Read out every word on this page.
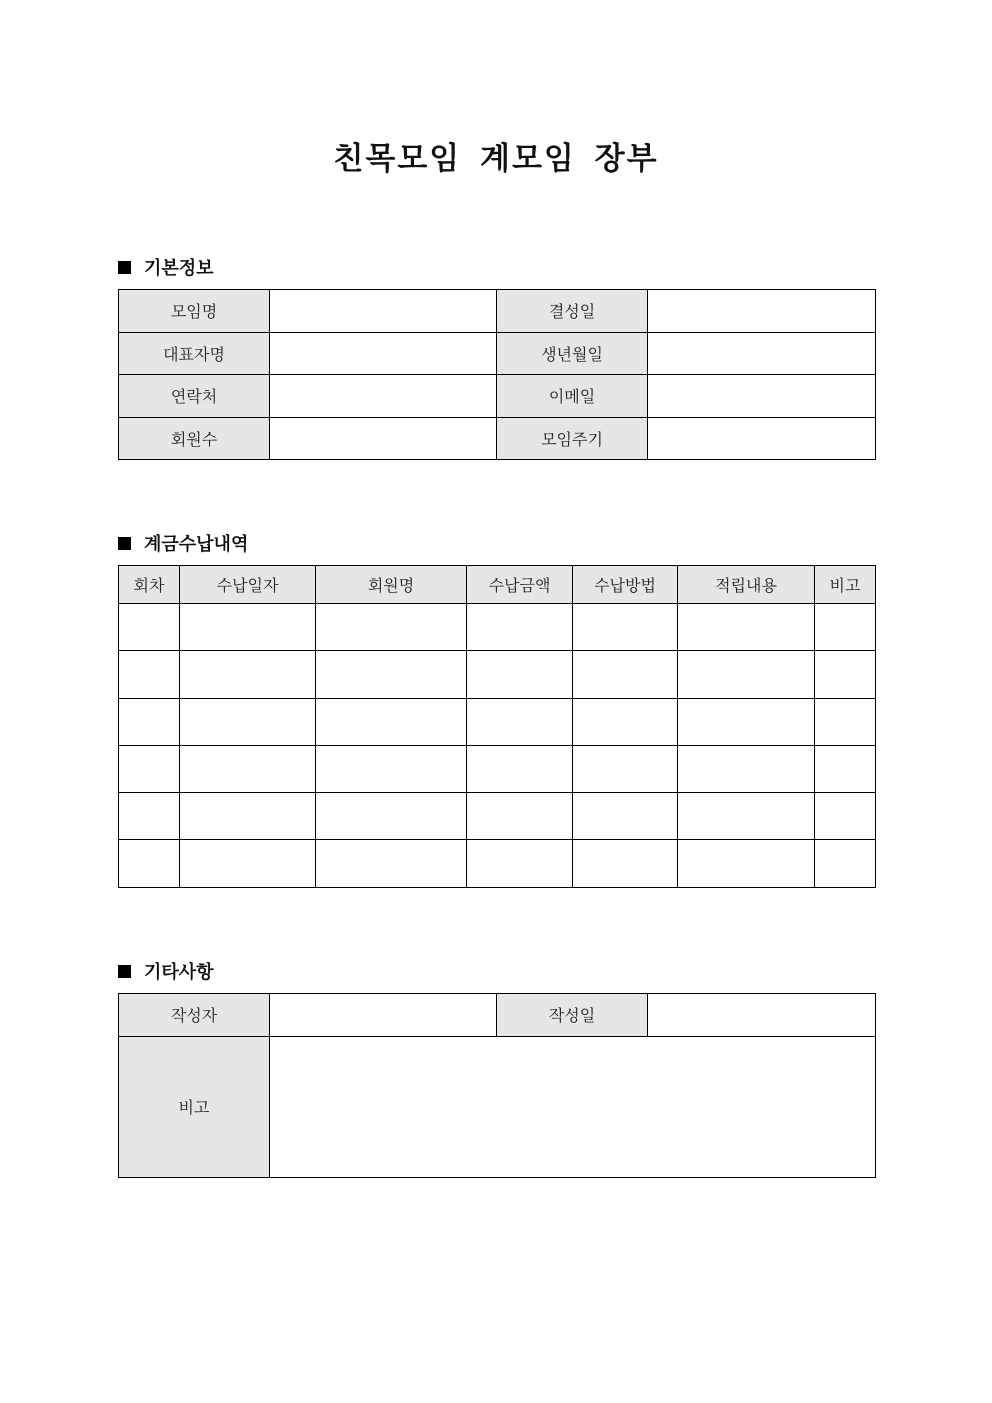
친목모임 계모임 장부
기본정보
모임명		결성일	
대표자명		생년월일	
연락처		이메일	
회원수		모임주기	
계금수납내역
회차	수납일자	회원명	수납금액	수납방법	적립내용	비고

기타사항
작성자		작성일	
비고			
